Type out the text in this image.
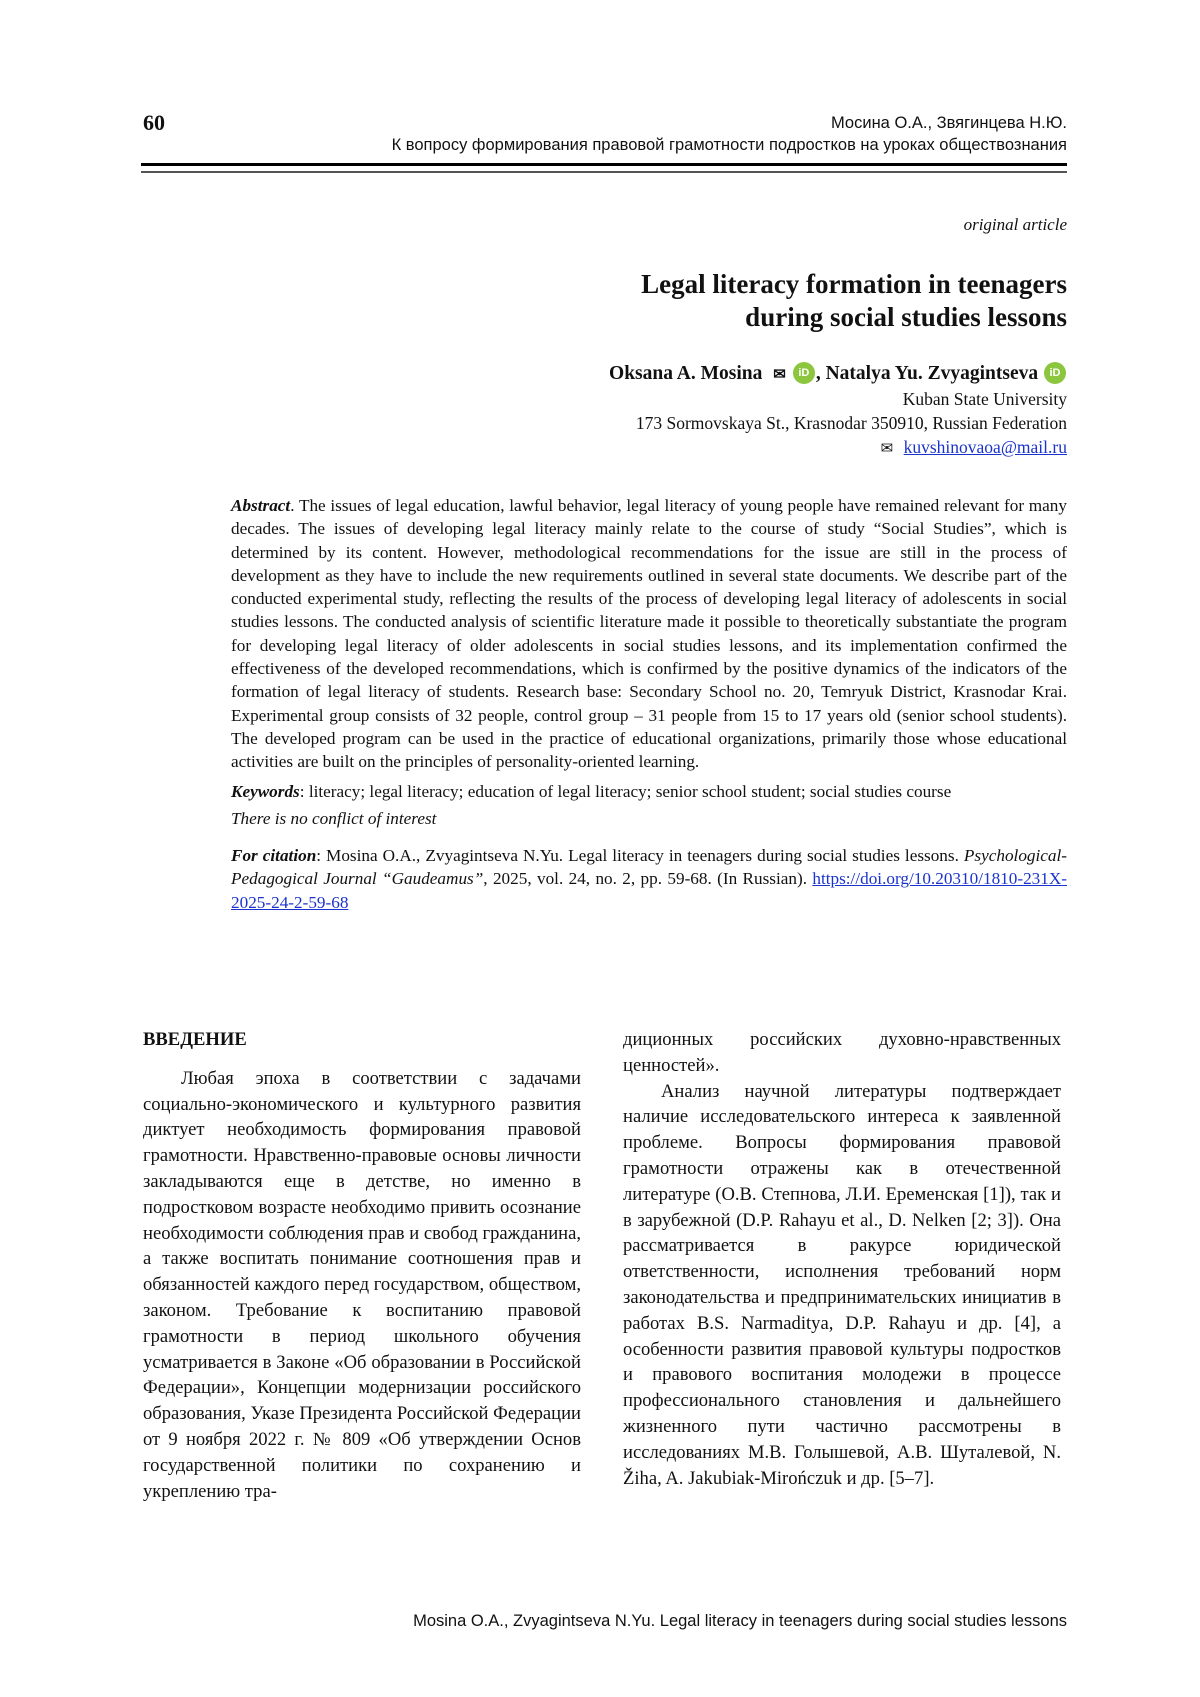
60	Мосина О.А., Звягинцева Н.Ю.
К вопросу формирования правовой грамотности подростков на уроках обществознания
original article
Legal literacy formation in teenagers
during social studies lessons
Oksana A. Mosina ✉ iD , Natalya Yu. Zvyagintseva iD
Kuban State University
173 Sormovskaya St., Krasnodar 350910, Russian Federation
✉ kuvshinovaoa@mail.ru

Abstract. The issues of legal education, lawful behavior, legal literacy of young people have remained relevant for many decades. The issues of developing legal literacy mainly relate to the course of study “Social Studies”, which is determined by its content. However, methodological recommendations for the issue are still in the process of development as they have to include the new requirements outlined in several state documents. We describe part of the conducted experimental study, reflecting the results of the process of developing legal literacy of adolescents in social studies lessons. The conducted analysis of scientific literature made it possible to theoretically substantiate the program for developing legal literacy of older adolescents in social studies lessons, and its implementation confirmed the effectiveness of the developed recommendations, which is confirmed by the positive dynamics of the indicators of the formation of legal literacy of students. Research base: Secondary School no. 20, Temryuk District, Krasnodar Krai. Experimental group consists of 32 people, control group – 31 people from 15 to 17 years old (senior school students). The developed program can be used in the practice of educational organizations, primarily those whose educational activities are built on the principles of personality-oriented learning.

Keywords: literacy; legal literacy; education of legal literacy; senior school student; social studies course

There is no conflict of interest

For citation: Mosina O.A., Zvyagintseva N.Yu. Legal literacy in teenagers during social studies lessons. Psychological-Pedagogical Journal “Gaudeamus”, 2025, vol. 24, no. 2, pp. 59-68. (In Russian). https://doi.org/10.20310/1810-231X-2025-24-2-59-68

ВВЕДЕНИЕ

Любая эпоха в соответствии с задачами социально-экономического и культурного развития диктует необходимость формирования правовой грамотности. Нравственно-правовые основы личности закладываются еще в детстве, но именно в подростковом возрасте необходимо привить осознание необходимости соблюдения прав и свобод гражданина, а также воспитать понимание соотношения прав и обязанностей каждого перед государством, обществом, законом. Требование к воспитанию правовой грамотности в период школьного обучения усматривается в Законе «Об образовании в Российской Федерации», Концепции модернизации российского образования, Указе Президента Российской Федерации от 9 ноября 2022 г. № 809 «Об утверждении Основ государственной политики по сохранению и укреплению тра-

диционных российских духовно-нравственных ценностей».

Анализ научной литературы подтверждает наличие исследовательского интереса к заявленной проблеме. Вопросы формирования правовой грамотности отражены как в отечественной литературе (О.В. Степнова, Л.И. Еременская [1]), так и в зарубежной (D.P. Rahayu et al., D. Nelken [2; 3]). Она рассматривается в ракурсе юридической ответственности, исполнения требований норм законодательства и предпринимательских инициатив в работах B.S. Narmaditya, D.P. Rahayu и др. [4], а особенности развития правовой культуры подростков и правового воспитания молодежи в процессе профессионального становления и дальнейшего жизненного пути частично рассмотрены в исследованиях М.В. Голышевой, А.В. Шуталевой, N. Žiha, A. Jakubiak-Mirończuk и др. [5–7].

Mosina O.A., Zvyagintseva N.Yu. Legal literacy in teenagers during social studies lessons
